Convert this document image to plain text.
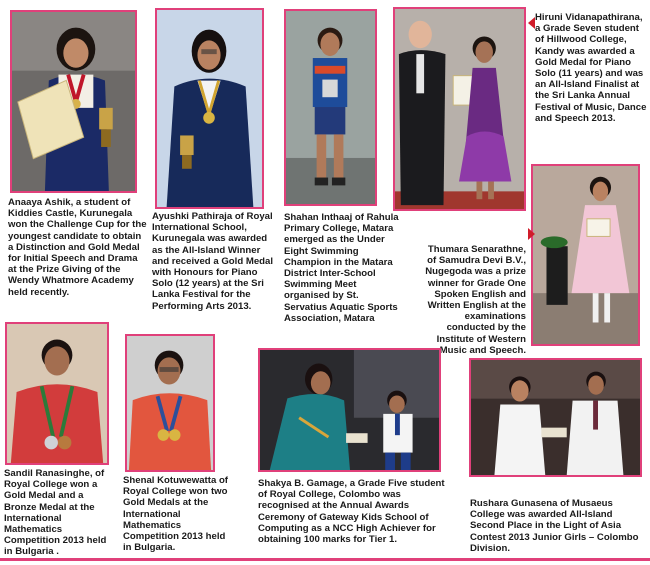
Anaaya Ashik, a student of Kiddies Castle, Kurunegala won the Challenge Cup for the youngest candidate to obtain a Distinction and Gold Medal for Initial Speech and Drama at the Prize Giving of the Wendy Whatmore Academy held recently.

Ayushki Pathiraja of Royal International School, Kurunegala was awarded as the All-Island Winner and received a Gold Medal with Honours for Piano Solo (12 years) at the Sri Lanka Festival for the Performing Arts 2013.

Shahan Inthaaj of Rahula Primary College, Matara emerged as the Under Eight Swimming Champion in the Matara District Inter-School Swimming Meet organised by St. Servatius Aquatic Sports Association, Matara

Hiruni Vidanapathirana, a Grade Seven student of Hillwood College, Kandy was awarded a Gold Medal for Piano Solo (11 years) and was an All-Island Finalist at the Sri Lanka Annual Festival of Music, Dance and Speech 2013.

Thumara Senarathne, of Samudra Devi B.V., Nugegoda was a prize winner for Grade One Spoken English and Written English at the examinations conducted by the Institute of Western Music and Speech.

Sandil Ranasinghe, of Royal College won a Gold Medal and a Bronze Medal at the International Mathematics Competition 2013 held in Bulgaria .

Shenal Kotuwewatta of Royal College won two Gold Medals at the International Mathematics Competition 2013 held in Bulgaria.

Shakya B. Gamage, a Grade Five student of Royal College, Colombo was recognised at the Annual Awards Ceremony of Gateway Kids School of Computing as a NCC High Achiever for obtaining 100 marks for Tier 1.

Rushara Gunasena of Musaeus College was awarded All-Island Second Place in the Light of Asia Contest 2013 Junior Girls – Colombo Division.
